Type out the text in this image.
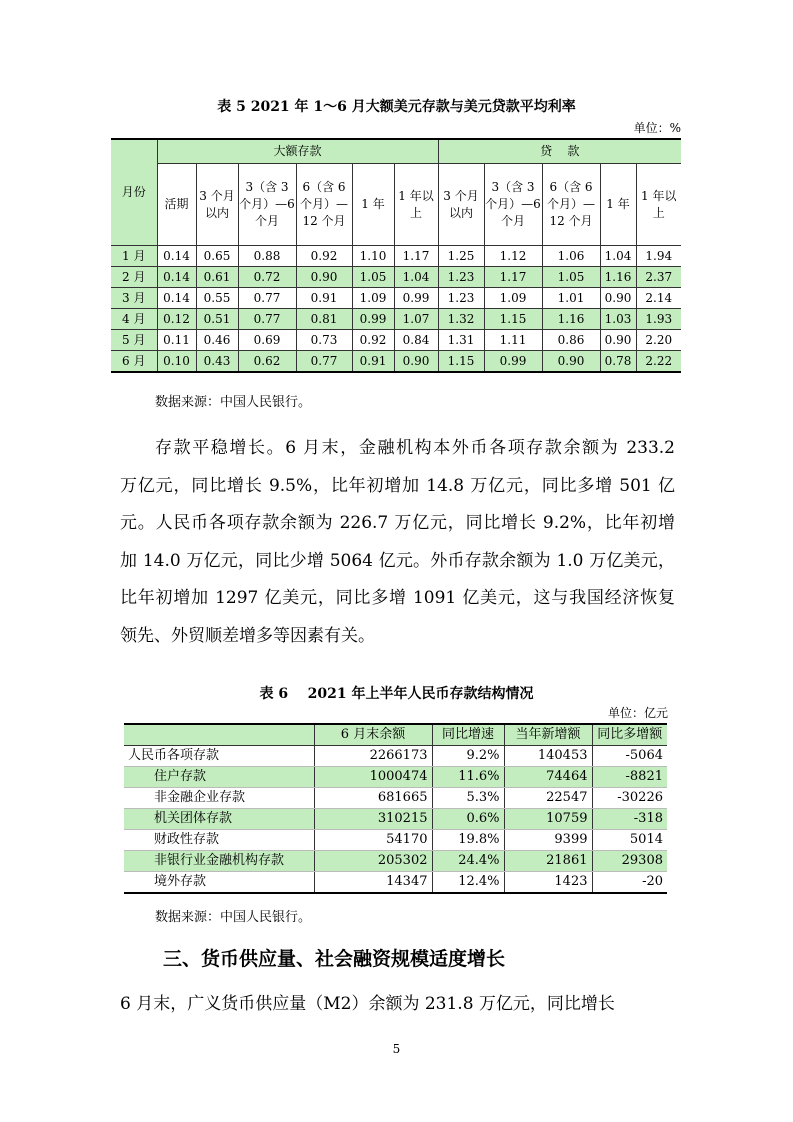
表 5 2021 年 1～6 月大额美元存款与美元贷款平均利率
单位：%
月份	大额存款						贷    款				
	活期	3 个月以内	3（含 3 个月）—6 个月	6（含 6 个月）—12 个月	1 年	1 年以上	3 个月以内	3（含 3 个月）—6 个月	6（含 6 个月）—12 个月	1 年	1 年以上
1 月	0.14	0.65	0.88	0.92	1.10	1.17	1.25	1.12	1.06	1.04	1.94
2 月	0.14	0.61	0.72	0.90	1.05	1.04	1.23	1.17	1.05	1.16	2.37
3 月	0.14	0.55	0.77	0.91	1.09	0.99	1.23	1.09	1.01	0.90	2.14
4 月	0.12	0.51	0.77	0.81	0.99	1.07	1.32	1.15	1.16	1.03	1.93
5 月	0.11	0.46	0.69	0.73	0.92	0.84	1.31	1.11	0.86	0.90	2.20
6 月	0.10	0.43	0.62	0.77	0.91	0.90	1.15	0.99	0.90	0.78	2.22
数据来源：中国人民银行。
存款平稳增长。6 月末，金融机构本外币各项存款余额为 233.2
万亿元，同比增长 9.5%，比年初增加 14.8 万亿元，同比多增 501 亿
元。人民币各项存款余额为 226.7 万亿元，同比增长 9.2%，比年初增
加 14.0 万亿元，同比少增 5064 亿元。外币存款余额为 1.0 万亿美元，
比年初增加 1297 亿美元，同比多增 1091 亿美元，这与我国经济恢复
领先、外贸顺差增多等因素有关。
表 6    2021 年上半年人民币存款结构情况
单位：亿元
	6 月末余额	同比增速	当年新增额	同比多增额
人民币各项存款	2266173	9.2%	140453	-5064
住户存款	1000474	11.6%	74464	-8821
非金融企业存款	681665	5.3%	22547	-30226
机关团体存款	310215	0.6%	10759	-318
财政性存款	54170	19.8%	9399	5014
非银行业金融机构存款	205302	24.4%	21861	29308
境外存款	14347	12.4%	1423	-20
数据来源：中国人民银行。
三、货币供应量、社会融资规模适度增长
6 月末，广义货币供应量（M2）余额为 231.8 万亿元，同比增长
5
